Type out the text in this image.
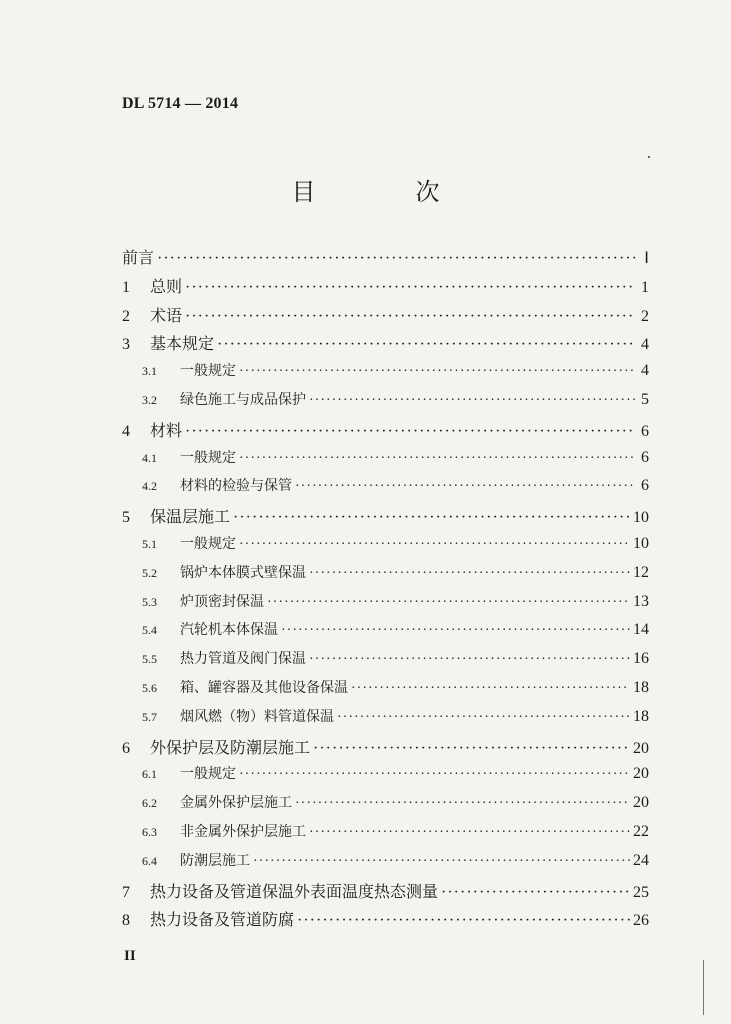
DL 5714 — 2014
目　次
前言 ·····	Ⅰ
1	总则 ·····	1
2	术语 ·····	2
3	基本规定 ·····	4
3.1	一般规定 ·····	4
3.2	绿色施工与成品保护 ·····	5
4	材料 ·····	6
4.1	一般规定 ·····	6
4.2	材料的检验与保管 ·····	6
5	保温层施工 ·····	10
5.1	一般规定 ·····	10
5.2	锅炉本体膜式壁保温 ·····	12
5.3	炉顶密封保温 ·····	13
5.4	汽轮机本体保温 ·····	14
5.5	热力管道及阀门保温 ·····	16
5.6	箱、罐容器及其他设备保温 ·····	18
5.7	烟风燃（物）料管道保温 ·····	18
6	外保护层及防潮层施工 ·····	20
6.1	一般规定 ·····	20
6.2	金属外保护层施工 ·····	20
6.3	非金属外保护层施工 ·····	22
6.4	防潮层施工 ·····	24
7	热力设备及管道保温外表面温度热态测量 ·····	25
8	热力设备及管道防腐 ·····	26
II
